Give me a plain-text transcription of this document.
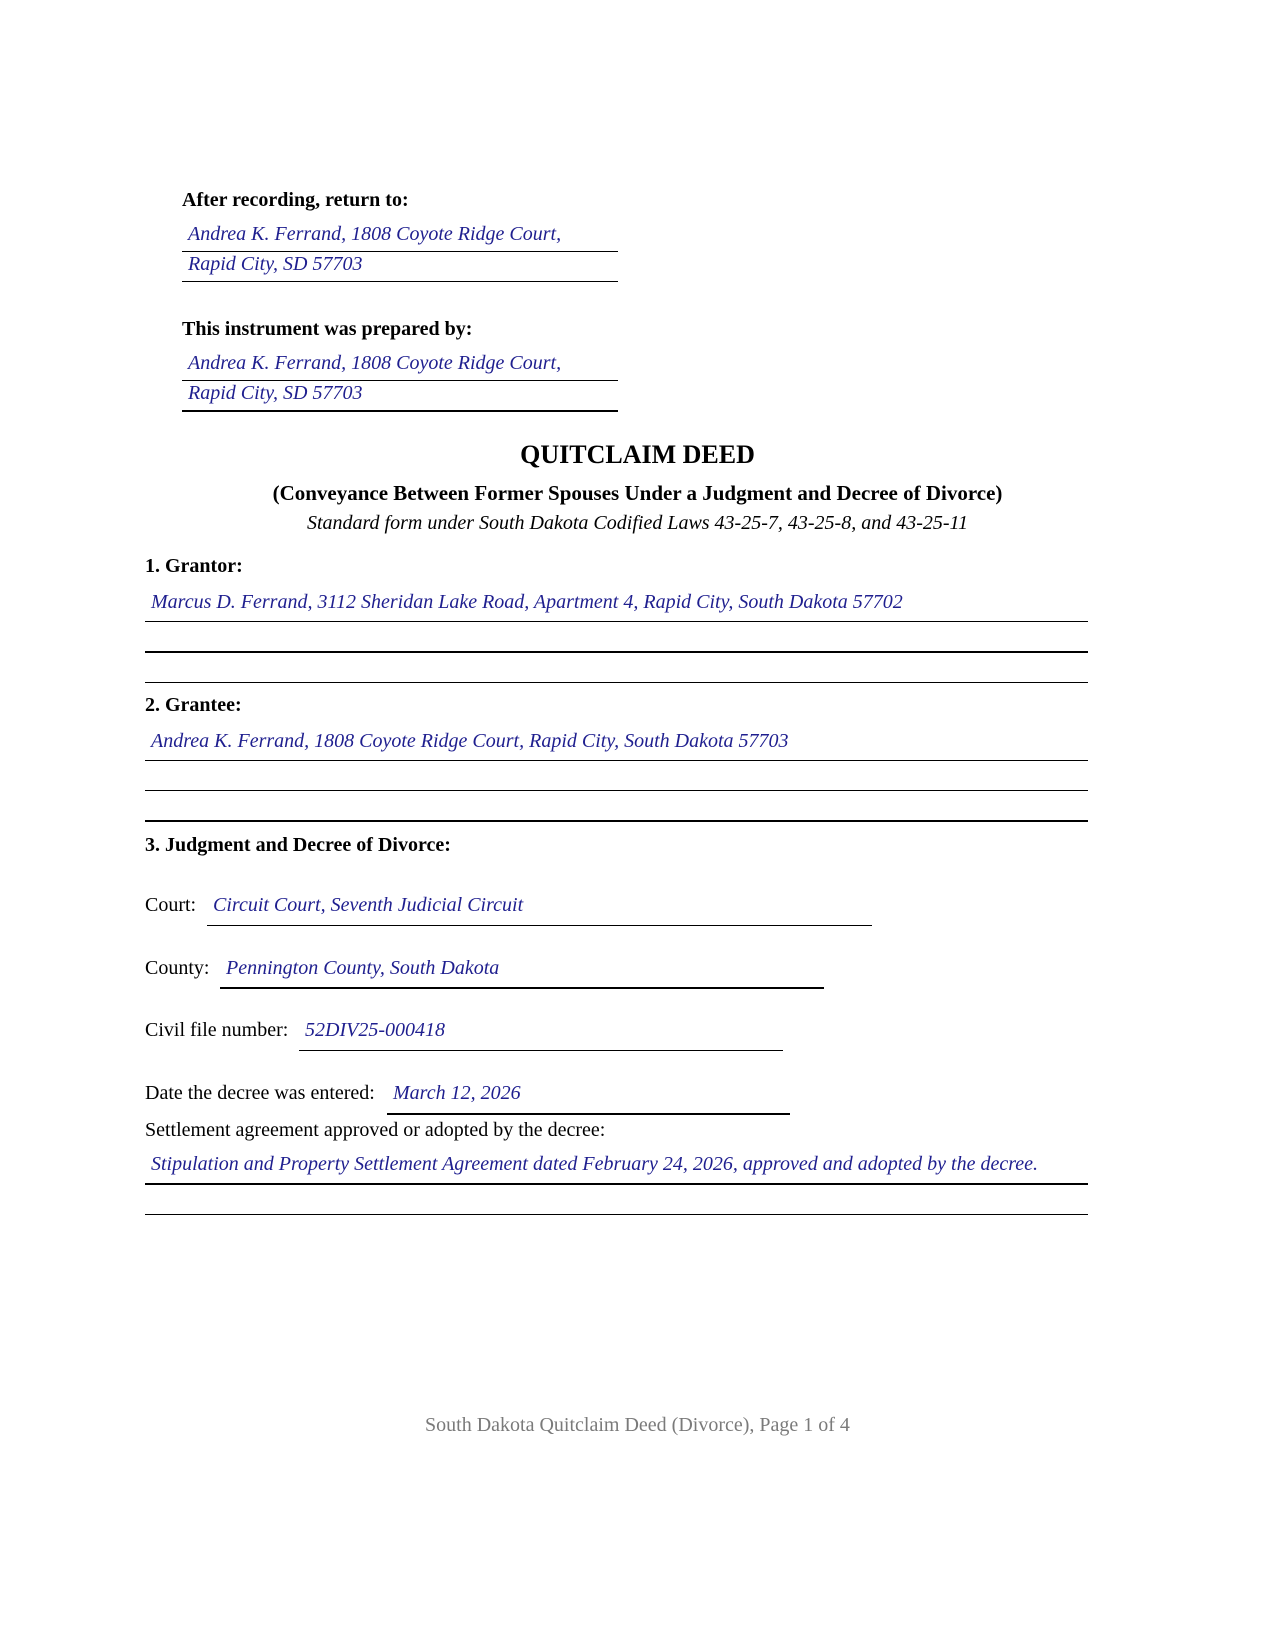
After recording, return to:
Andrea K. Ferrand, 1808 Coyote Ridge Court,
Rapid City, SD 57703
This instrument was prepared by:
Andrea K. Ferrand, 1808 Coyote Ridge Court,
Rapid City, SD 57703
QUITCLAIM DEED
(Conveyance Between Former Spouses Under a Judgment and Decree of Divorce)
Standard form under South Dakota Codified Laws 43-25-7, 43-25-8, and 43-25-11
1. Grantor:
Marcus D. Ferrand, 3112 Sheridan Lake Road, Apartment 4, Rapid City, South Dakota 57702
2. Grantee:
Andrea K. Ferrand, 1808 Coyote Ridge Court, Rapid City, South Dakota 57703
3. Judgment and Decree of Divorce:
Court: Circuit Court, Seventh Judicial Circuit
County: Pennington County, South Dakota
Civil file number: 52DIV25-000418
Date the decree was entered: March 12, 2026
Settlement agreement approved or adopted by the decree:
Stipulation and Property Settlement Agreement dated February 24, 2026, approved and adopted by the decree.
South Dakota Quitclaim Deed (Divorce), Page 1 of 4
